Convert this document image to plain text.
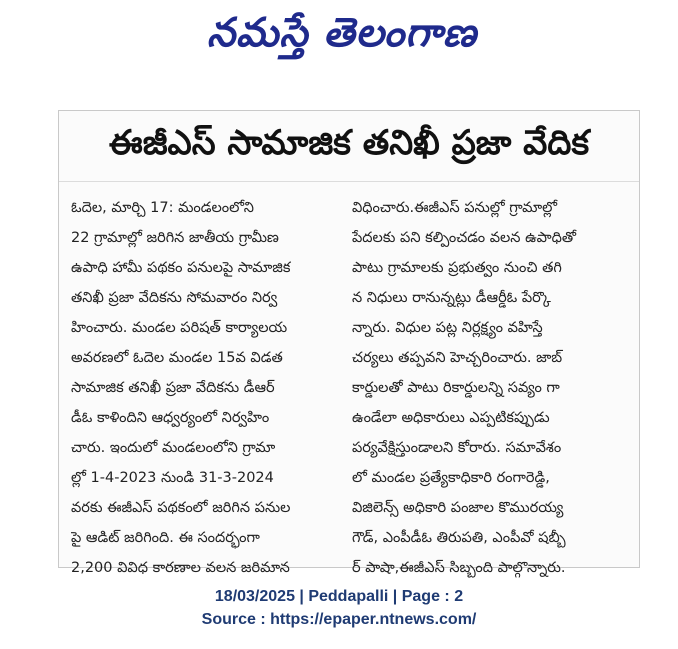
నమస్తే తెలంగాణ
ఈజీఎస్ సామాజిక తనిఖీ ప్రజా వేదిక
ఓదెల, మార్చి 17: మండలంలోని
22 గ్రామాల్లో జరిగిన జాతీయ గ్రామీణ
ఉపాధి హామీ పథకం పనులపై సామాజిక
తనిఖీ ప్రజా వేదికను సోమవారం నిర్వ
హించారు. మండల పరిషత్ కార్యాలయ
అవరణలో ఓదెల మండల 15వ విడత
సామాజిక తనిఖీ ప్రజా వేదికను డీఆర్
డీఓ కాళిందిని ఆధ్వర్యంలో నిర్వహిం
చారు. ఇందులో మండలంలోని గ్రామా
ల్లో 1-4-2023 నుండి 31-3-2024
వరకు ఈజీఎస్ పథకంలో జరిగిన పనుల
పై ఆడిట్ జరిగింది. ఈ సందర్భంగా
2,200 వివిధ కారణాల వలన జరిమాన
విధించారు.ఈజీఎస్ పనుల్లో గ్రామాల్లో
పేదలకు పని కల్పించడం వలన ఉపాధితో
పాటు గ్రామాలకు ప్రభుత్వం నుంచి తగి
న నిధులు రానున్నట్లు డీఆర్డీఓ పేర్కొ
న్నారు. విధుల పట్ల నిర్లక్ష్యం వహిస్తే
చర్యలు తప్పవని హెచ్చరించారు. జాబ్
కార్డులతో పాటు రికార్డులన్ని సవ్యం గా
ఉండేలా అధికారులు ఎప్పటికప్పుడు
పర్యవేక్షిస్తుండాలని కోరారు. సమావేశం
లో మండల ప్రత్యేకాధికారి రంగారెడ్డి,
విజిలెన్స్ అధికారి పంజాల కొమురయ్య
గౌడ్, ఎంపీడీఓ తిరుపతి, ఎంపీవో షబ్బీ
ర్ పాషా,ఈజీఎస్ సిబ్బంది పాల్గొన్నారు.
18/03/2025 | Peddapalli | Page : 2
Source : https://epaper.ntnews.com/
